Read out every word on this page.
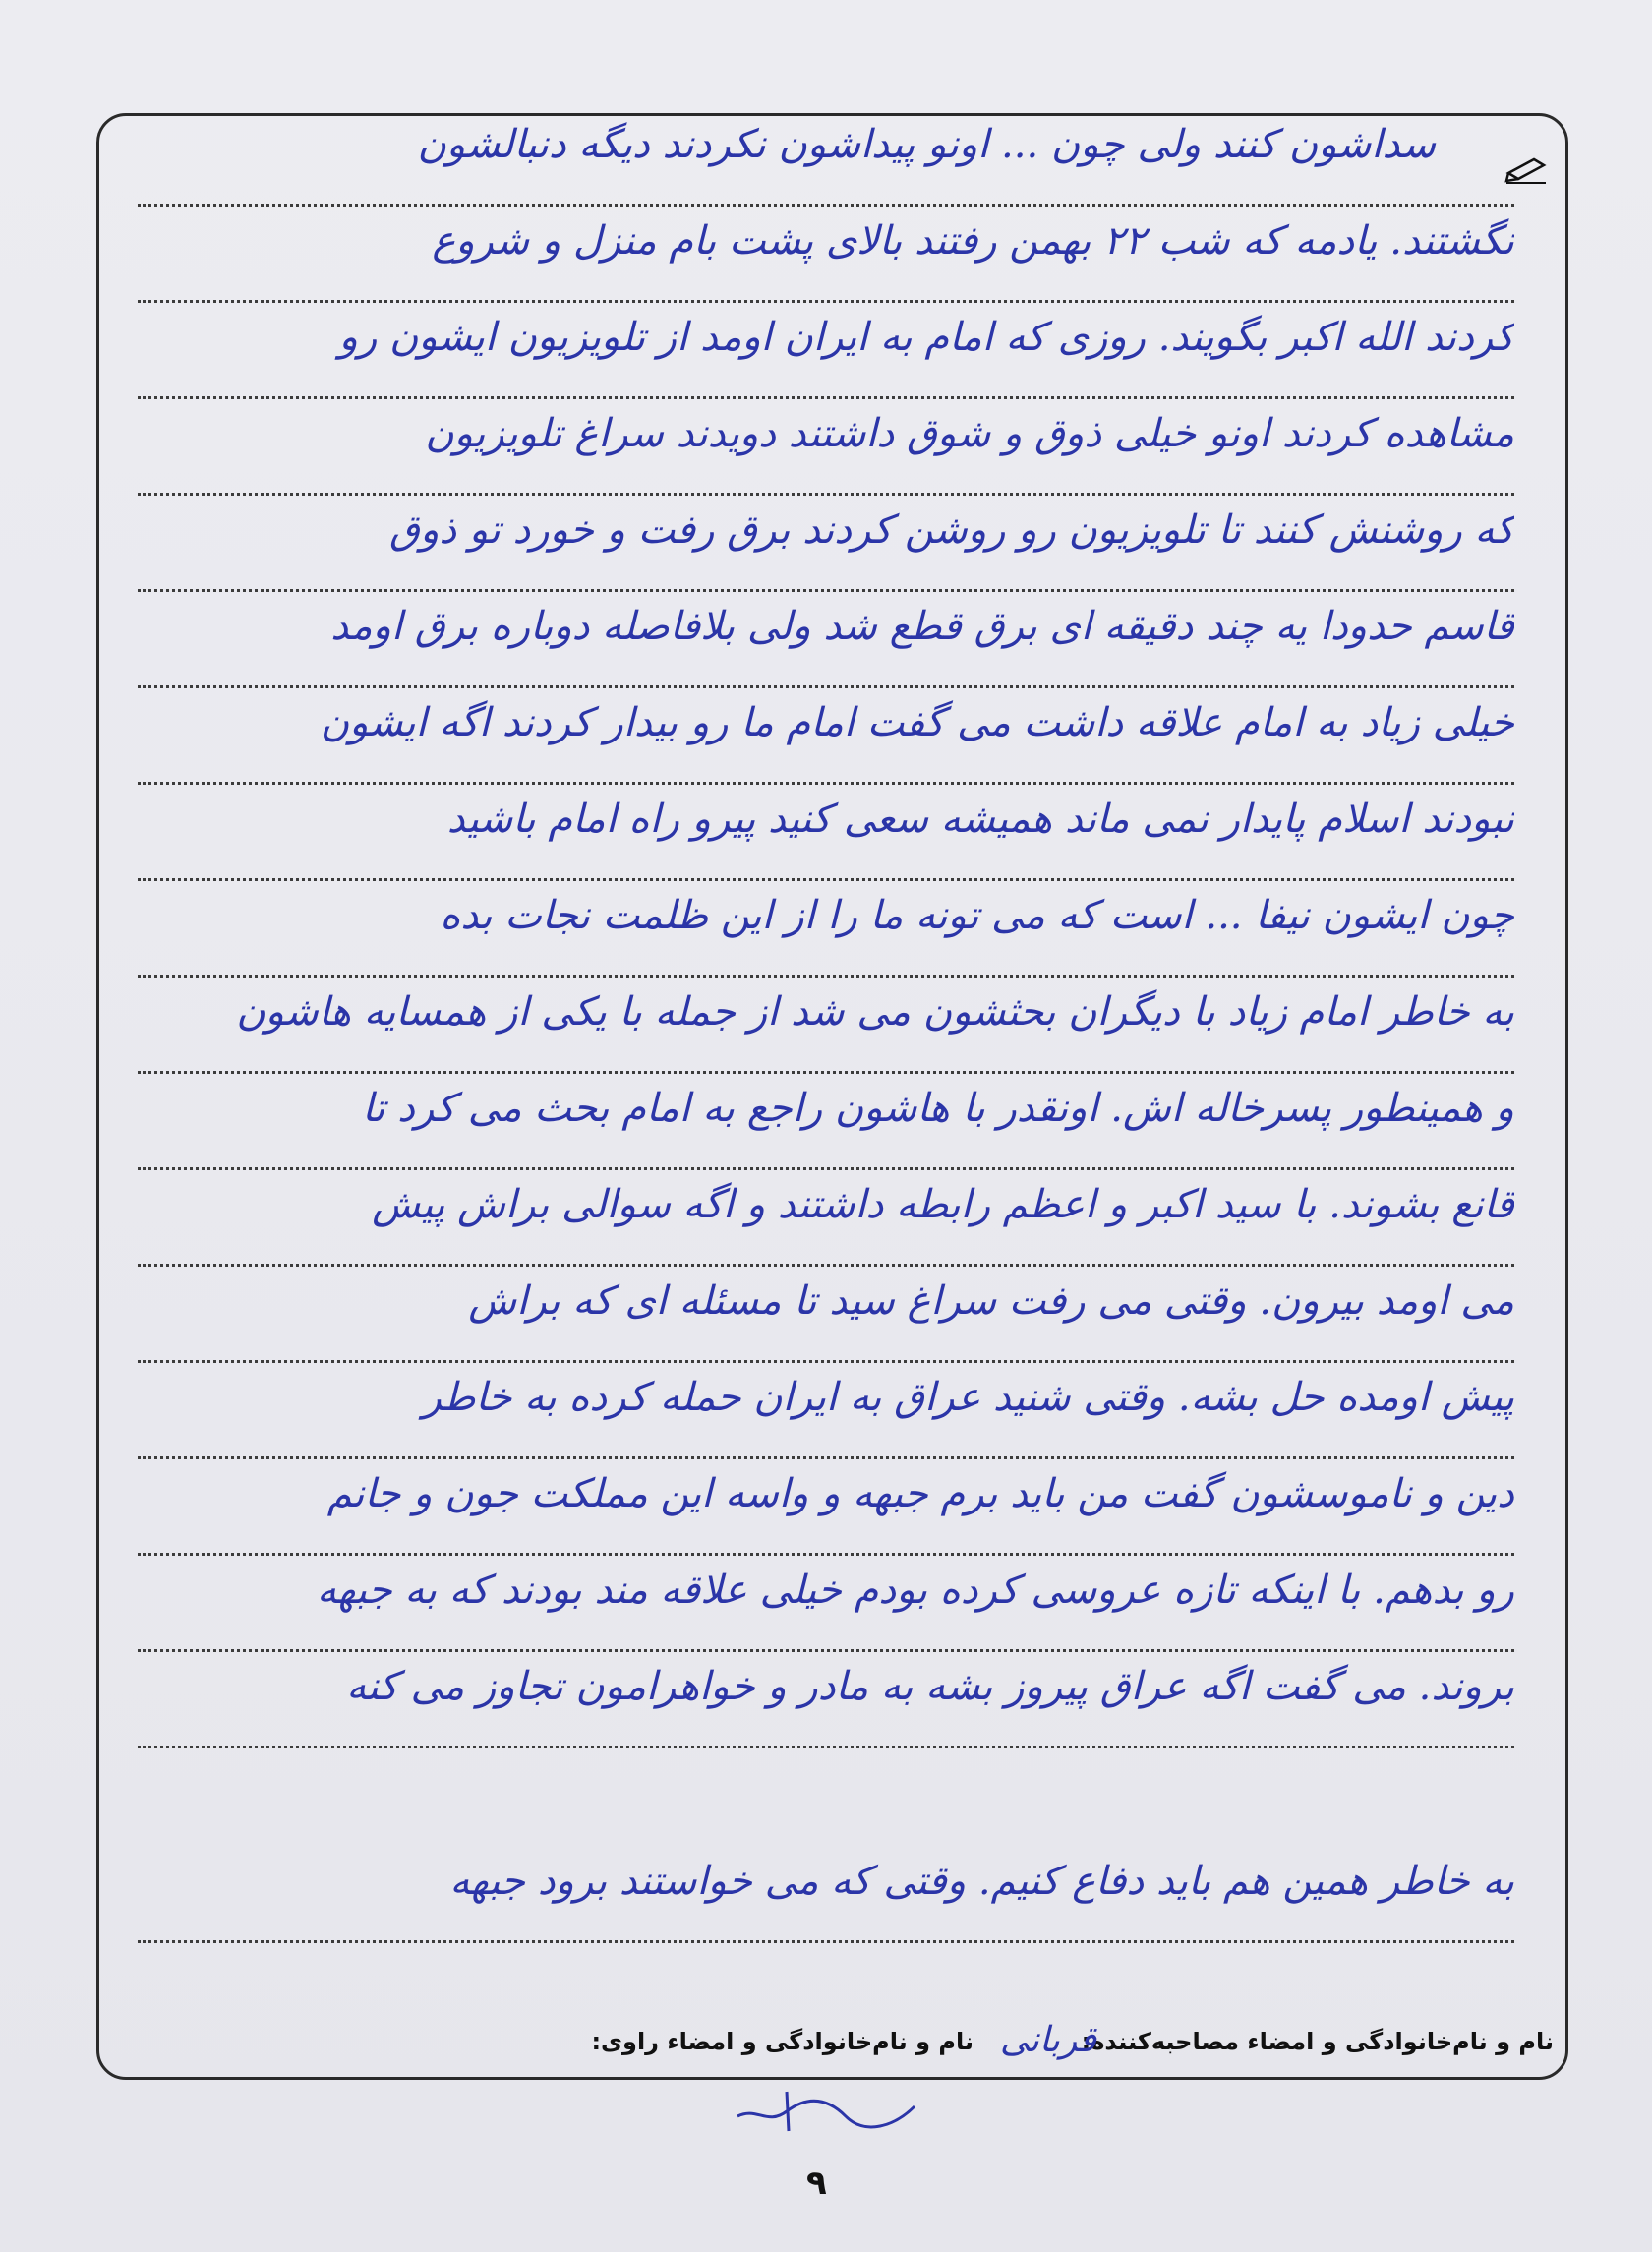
سداشون کنند ولی چون ... اونو پیداشون نکردند دیگه دنبالشون
نگشتند. یادمه که شب ۲۲ بهمن رفتند بالای پشت بام منزل و شروع
کردند الله اکبر بگویند. روزی که امام به ایران اومد از تلویزیون ایشون رو
مشاهده کردند اونو خیلی ذوق و شوق داشتند دویدند سراغ تلویزیون
که روشنش کنند تا تلویزیون رو روشن کردند برق رفت و خورد تو ذوق
قاسم حدودا یه چند دقیقه ای برق قطع شد ولی بلافاصله دوباره برق اومد
خیلی زیاد به امام علاقه داشت می گفت امام ما رو بیدار کردند اگه ایشون
نبودند اسلام پایدار نمی ماند همیشه سعی کنید پیرو راه امام باشید
چون ایشون نیفا ... است که می تونه ما را از این ظلمت نجات بده
به خاطر امام زیاد با دیگران بحثشون می شد از جمله با یکی از همسایه هاشون
و همینطور پسرخاله اش. اونقدر با هاشون راجع به امام بحث می کرد تا
قانع بشوند. با سید اکبر و اعظم رابطه داشتند و اگه سوالی براش پیش
می اومد بیرون. وقتی می رفت سراغ سید تا مسئله ای که براش
پیش اومده حل بشه. وقتی شنید عراق به ایران حمله کرده به خاطر
دین و ناموسشون گفت من باید برم جبهه و واسه این مملکت جون و جانم
رو بدهم. با اینکه تازه عروسی کرده بودم خیلی علاقه مند بودند که به جبهه
بروند. می گفت اگه عراق پیروز بشه به مادر و خواهرامون تجاوز می کنه
به خاطر همین هم باید دفاع کنیم. وقتی که می خواستند برود جبهه
نام و نام‌خانوادگی و امضاء مصاحبه‌کننده:
قربانی
نام و نام‌خانوادگی و امضاء راوی:
۹
